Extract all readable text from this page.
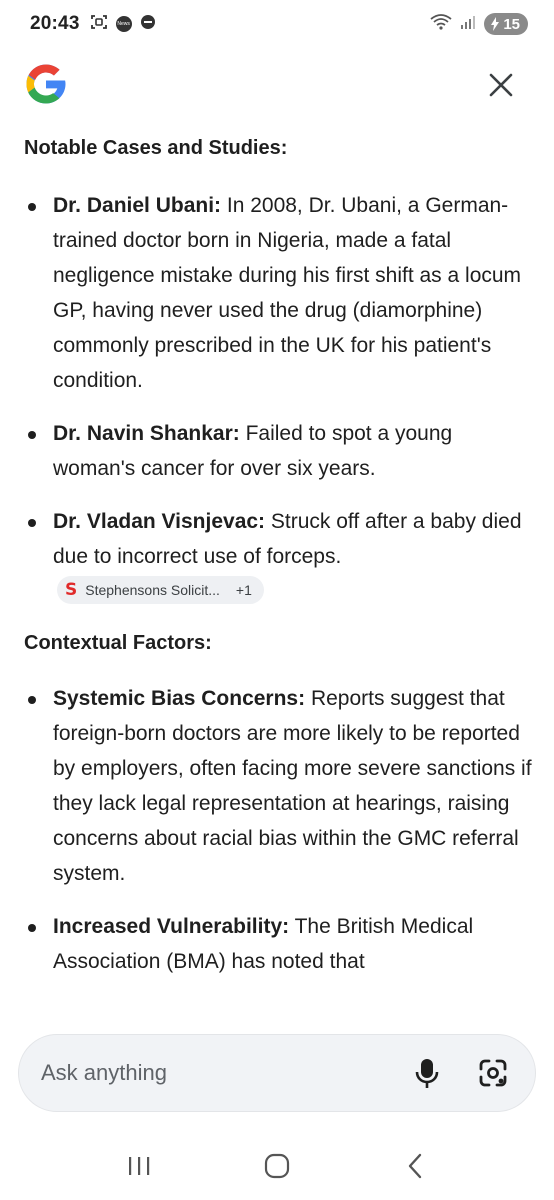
20:43	News	15
Notable Cases and Studies:
Dr. Daniel Ubani: In 2008, Dr. Ubani, a German-trained doctor born in Nigeria, made a fatal negligence mistake during his first shift as a locum GP, having never used the drug (diamorphine) commonly prescribed in the UK for his patient's condition.
Dr. Navin Shankar: Failed to spot a young woman's cancer for over six years.
Dr. Vladan Visnjevac: Struck off after a baby died due to incorrect use of forceps.
S Stephensons Solicit... +1
Contextual Factors:
Systemic Bias Concerns: Reports suggest that foreign-born doctors are more likely to be reported by employers, often facing more severe sanctions if they lack legal representation at hearings, raising concerns about racial bias within the GMC referral system.
Increased Vulnerability: The British Medical Association (BMA) has noted that
Ask anything
